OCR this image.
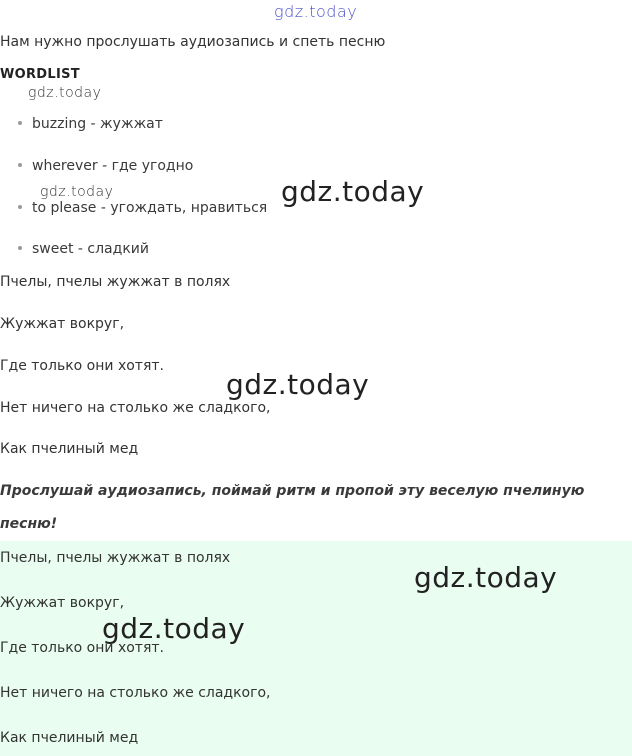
gdz.today
Нам нужно прослушать аудиозапись и спеть песню
WORDLIST
gdz.today
buzzing - жужжат
wherever - где угодно
gdz.today
to please - угождать, нравиться gdz.today
sweet - сладкий
Пчелы, пчелы жужжат в полях
Жужжат вокруг,
Где только они хотят.
gdz.today
Нет ничего на столько же сладкого,
Как пчелиный мед
Прослушай аудиозапись, поймай ритм и пропой эту веселую пчелиную
песню!
Пчелы, пчелы жужжат в полях
gdz.today
Жужжат вокруг,
gdz.today
Где только они хотят.
Нет ничего на столько же сладкого,
Как пчелиный мед
